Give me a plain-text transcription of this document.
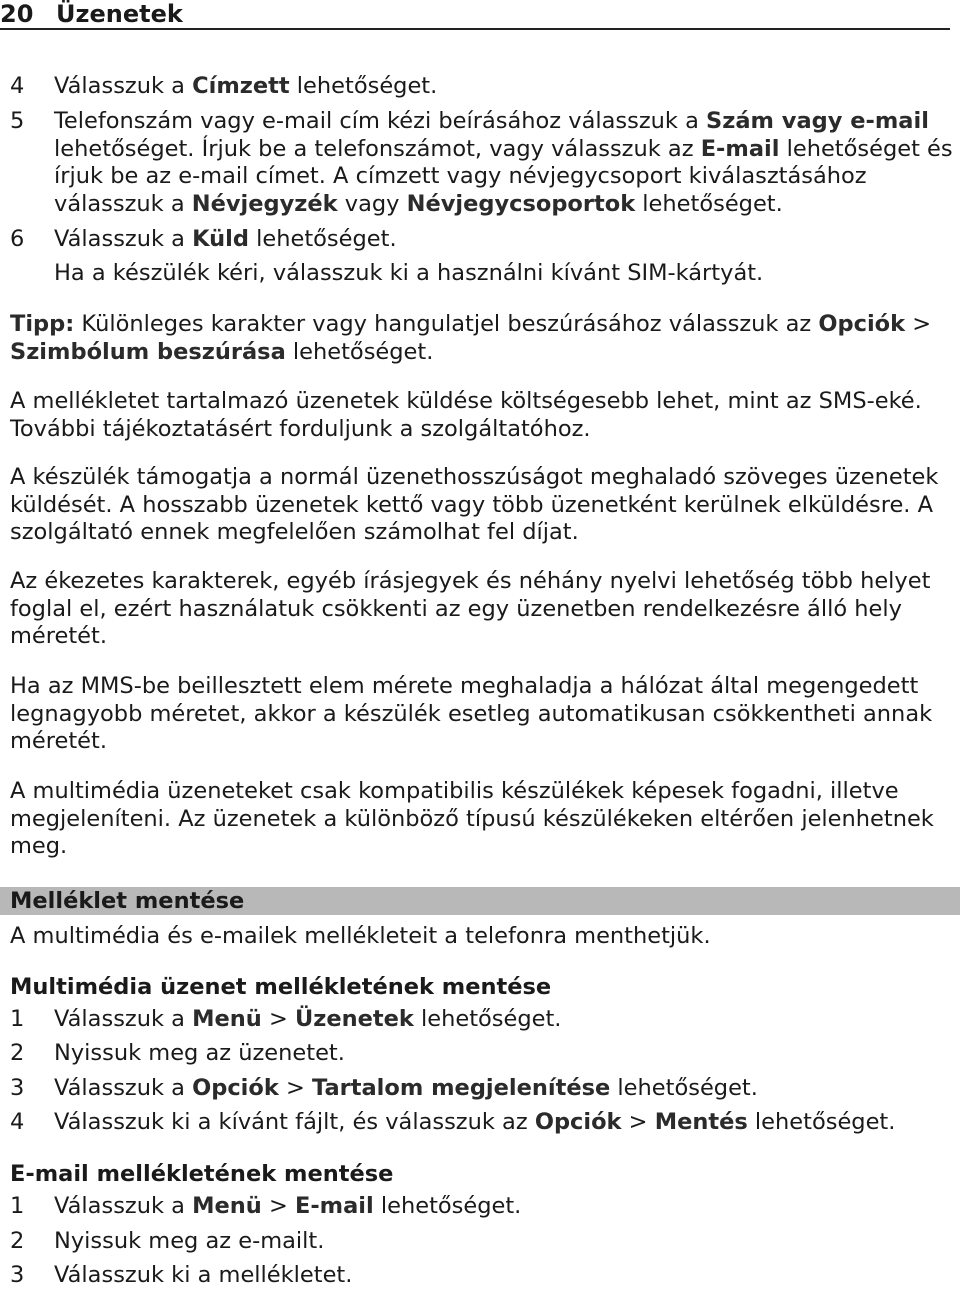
20 Üzenetek
4	Válasszuk a Címzett lehetőséget.
5	Telefonszám vagy e-mail cím kézi beírásához válasszuk a Szám vagy e-mail lehetőséget. Írjuk be a telefonszámot, vagy válasszuk az E-mail lehetőséget és írjuk be az e-mail címet. A címzett vagy névjegycsoport kiválasztásához válasszuk a Névjegyzék vagy Névjegycsoportok lehetőséget.
6	Válasszuk a Küld lehetőséget.
Ha a készülék kéri, válasszuk ki a használni kívánt SIM-kártyát.
Tipp: Különleges karakter vagy hangulatjel beszúrásához válasszuk az Opciók > Szimbólum beszúrása lehetőséget.
A mellékletet tartalmazó üzenetek küldése költségesebb lehet, mint az SMS-eké. További tájékoztatásért forduljunk a szolgáltatóhoz.
A készülék támogatja a normál üzenethosszúságot meghaladó szöveges üzenetek küldését. A hosszabb üzenetek kettő vagy több üzenetként kerülnek elküldésre. A szolgáltató ennek megfelelően számolhat fel díjat.
Az ékezetes karakterek, egyéb írásjegyek és néhány nyelvi lehetőség több helyet foglal el, ezért használatuk csökkenti az egy üzenetben rendelkezésre álló hely méretét.
Ha az MMS-be beillesztett elem mérete meghaladja a hálózat által megengedett legnagyobb méretet, akkor a készülék esetleg automatikusan csökkentheti annak méretét.
A multimédia üzeneteket csak kompatibilis készülékek képesek fogadni, illetve megjeleníteni. Az üzenetek a különböző típusú készülékeken eltérően jelenhetnek meg.
Melléklet mentése
A multimédia és e-mailek mellékleteit a telefonra menthetjük.
Multimédia üzenet mellékletének mentése
1	Válasszuk a Menü > Üzenetek lehetőséget.
2	Nyissuk meg az üzenetet.
3	Válasszuk a Opciók > Tartalom megjelenítése lehetőséget.
4	Válasszuk ki a kívánt fájlt, és válasszuk az Opciók > Mentés lehetőséget.
E-mail mellékletének mentése
1	Válasszuk a Menü > E-mail lehetőséget.
2	Nyissuk meg az e-mailt.
3	Válasszuk ki a mellékletet.
